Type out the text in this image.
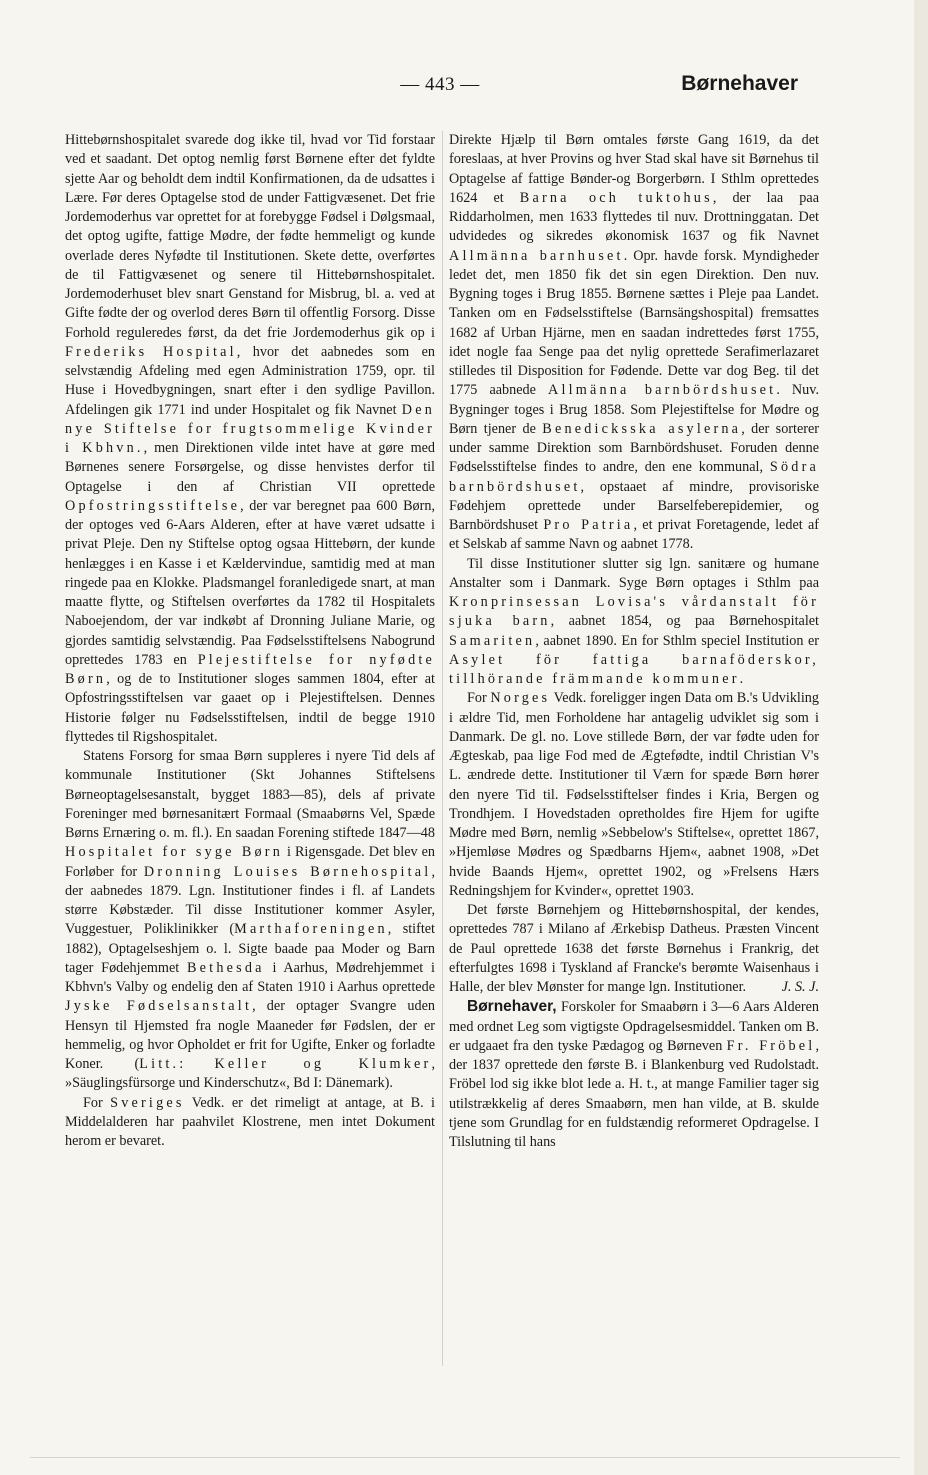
— 443 —	Børnehaver

Hittebørnshospitalet svarede dog ikke til, hvad vor Tid forstaar ved et saadant. Det optog nemlig først Børnene efter det fyldte sjette Aar og beholdt dem indtil Konfirmationen, da de udsattes i Lære. Før deres Optagelse stod de under Fattigvæsenet. Det frie Jordemoderhus var oprettet for at forebygge Fødsel i Dølgsmaal, det optog ugifte, fattige Mødre, der fødte hemmeligt og kunde overlade deres Nyfødte til Institutionen. Skete dette, overførtes de til Fattigvæsenet og senere til Hittebørnshospitalet. Jordemoderhuset blev snart Genstand for Misbrug, bl. a. ved at Gifte fødte der og overlod deres Børn til offentlig Forsorg. Disse Forhold reguleredes først, da det frie Jordemoderhus gik op i Frederiks Hospital, hvor det aabnedes som en selvstændig Afdeling med egen Administration 1759, opr. til Huse i Hovedbygningen, snart efter i den sydlige Pavillon. Afdelingen gik 1771 ind under Hospitalet og fik Navnet Den nye Stiftelse for frugtsommelige Kvinder i Kbhvn., men Direktionen vilde intet have at gøre med Børnenes senere Forsørgelse, og disse henvistes derfor til Optagelse i den af Christian VII oprettede Opfostringsstiftelse, der var beregnet paa 600 Børn, der optoges ved 6-Aars Alderen, efter at have været udsatte i privat Pleje. Den ny Stiftelse optog ogsaa Hittebørn, der kunde henlægges i en Kasse i et Kældervindue, samtidig med at man ringede paa en Klokke. Pladsmangel foranledigede snart, at man maatte flytte, og Stiftelsen overførtes da 1782 til Hospitalets Naboejendom, der var indkøbt af Dronning Juliane Marie, og gjordes samtidig selvstændig. Paa Fødselsstiftelsens Nabogrund oprettedes 1783 en Plejestiftelse for nyfødte Børn, og de to Institutioner sloges sammen 1804, efter at Opfostringsstiftelsen var gaaet op i Plejestiftelsen. Dennes Historie følger nu Fødselsstiftelsen, indtil de begge 1910 flyttedes til Rigshospitalet.

Statens Forsorg for smaa Børn suppleres i nyere Tid dels af kommunale Institutioner (Skt Johannes Stiftelsens Børneoptagelsesanstalt, bygget 1883—85), dels af private Foreninger med børnesanitært Formaal (Smaabørns Vel, Spæde Børns Ernæring o. m. fl.). En saadan Forening stiftede 1847—48 Hospitalet for syge Børn i Rigensgade. Det blev en Forløber for Dronning Louises Børnehospital, der aabnedes 1879. Lgn. Institutioner findes i fl. af Landets større Købstæder. Til disse Institutioner kommer Asyler, Vuggestuer, Poliklinikker (Marthaforeningen, stiftet 1882), Optagelseshjem o. l. Sigte baade paa Moder og Barn tager Fødehjemmet Bethesda i Aarhus, Mødrehjemmet i Kbhvn's Valby og endelig den af Staten 1910 i Aarhus oprettede Jyske Fødselsanstalt, der optager Svangre uden Hensyn til Hjemsted fra nogle Maaneder før Fødslen, der er hemmelig, og hvor Opholdet er frit for Ugifte, Enker og forladte Koner. (Litt.: Keller og Klumker, »Säuglingsfürsorge und Kinderschutz«, Bd I: Dänemark).

For Sveriges Vedk. er det rimeligt at antage, at B. i Middelalderen har paahvilet Klostrene, men intet Dokument herom er bevaret.

Direkte Hjælp til Børn omtales første Gang 1619, da det foreslaas, at hver Provins og hver Stad skal have sit Børnehus til Optagelse af fattige Bønder-og Borgerbørn. I Sthlm oprettedes 1624 et Barna och tuktohus, der laa paa Riddarholmen, men 1633 flyttedes til nuv. Drottninggatan. Det udvidedes og sikredes økonomisk 1637 og fik Navnet Allmänna barnhuset. Opr. havde forsk. Myndigheder ledet det, men 1850 fik det sin egen Direktion. Den nuv. Bygning toges i Brug 1855. Børnene sættes i Pleje paa Landet. Tanken om en Fødselsstiftelse (Barnsängshospital) fremsattes 1682 af Urban Hjärne, men en saadan indrettedes først 1755, idet nogle faa Senge paa det nylig oprettede Serafimerlazaret stilledes til Disposition for Fødende. Dette var dog Beg. til det 1775 aabnede Allmänna barnbördshuset. Nuv. Bygninger toges i Brug 1858. Som Plejestiftelse for Mødre og Børn tjener de Benedicksska asylerna, der sorterer under samme Direktion som Barnbördshuset. Foruden denne Fødselsstiftelse findes to andre, den ene kommunal, Södra barnbördshuset, opstaaet af mindre, provisoriske Fødehjem oprettede under Barselfeberepidemier, og Barnbördshuset Pro Patria, et privat Foretagende, ledet af et Selskab af samme Navn og aabnet 1778.

Til disse Institutioner slutter sig lgn. sanitære og humane Anstalter som i Danmark. Syge Børn optages i Sthlm paa Kronprinsessan Lovisa's vårdanstalt för sjuka barn, aabnet 1854, og paa Børnehospitalet Samariten, aabnet 1890. En for Sthlm speciel Institution er Asylet för fattiga barnaföderskor, tillhörande främmande kommuner.

For Norges Vedk. foreligger ingen Data om B.'s Udvikling i ældre Tid, men Forholdene har antagelig udviklet sig som i Danmark. De gl. no. Love stillede Børn, der var fødte uden for Ægteskab, paa lige Fod med de Ægtefødte, indtil Christian V's L. ændrede dette. Institutioner til Værn for spæde Børn hører den nyere Tid til. Fødselsstiftelser findes i Kria, Bergen og Trondhjem. I Hovedstaden opretholdes fire Hjem for ugifte Mødre med Børn, nemlig »Sebbelow's Stiftelse«, oprettet 1867, »Hjemløse Mødres og Spædbarns Hjem«, aabnet 1908, »Det hvide Baands Hjem«, oprettet 1902, og »Frelsens Hærs Redningshjem for Kvinder«, oprettet 1903.

Det første Børnehjem og Hittebørnshospital, der kendes, oprettedes 787 i Milano af Ærkebisp Datheus. Præsten Vincent de Paul oprettede 1638 det første Børnehus i Frankrig, det efterfulgtes 1698 i Tyskland af Francke's berømte Waisenhaus i Halle, der blev Mønster for mange lgn. Institutioner.	J. S. J.

Børnehaver, Forskoler for Smaabørn i 3—6 Aars Alderen med ordnet Leg som vigtigste Opdragelsesmiddel. Tanken om B. er udgaaet fra den tyske Pædagog og Børneven Fr. Fröbel, der 1837 oprettede den første B. i Blankenburg ved Rudolstadt. Fröbel lod sig ikke blot lede a. H. t., at mange Familier tager sig utilstrækkelig af deres Smaabørn, men han vilde, at B. skulde tjene som Grundlag for en fuldstændig reformeret Opdragelse. I Tilslutning til hans
